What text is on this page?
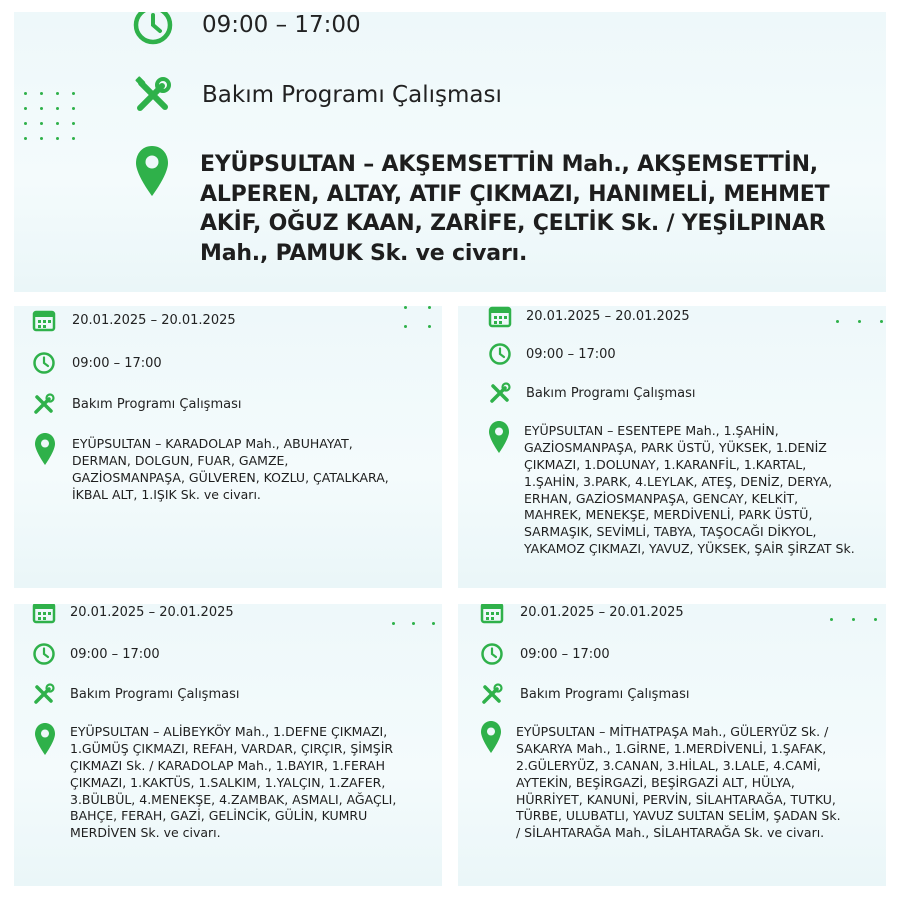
09:00 – 17:00
Bakım Programı Çalışması
EYÜPSULTAN – AKŞEMSETTİN Mah., AKŞEMSETTİN,
ALPEREN, ALTAY, ATIF ÇIKMAZI, HANIMELİ, MEHMET
AKİF, OĞUZ KAAN, ZARİFE, ÇELTİK Sk. / YEŞİLPINAR
Mah., PAMUK Sk. ve civarı.
20.01.2025 – 20.01.2025
09:00 – 17:00
Bakım Programı Çalışması
EYÜPSULTAN – KARADOLAP Mah., ABUHAYAT,
DERMAN, DOLGUN, FUAR, GAMZE,
GAZİOSMANPAŞA, GÜLVEREN, KOZLU, ÇATALKARA,
İKBAL ALT, 1.IŞIK Sk. ve civarı.
20.01.2025 – 20.01.2025
09:00 – 17:00
Bakım Programı Çalışması
EYÜPSULTAN – ESENTEPE Mah., 1.ŞAHİN,
GAZİOSMANPAŞA, PARK ÜSTÜ, YÜKSEK, 1.DENİZ
ÇIKMAZI, 1.DOLUNAY, 1.KARANFİL, 1.KARTAL,
1.ŞAHİN, 3.PARK, 4.LEYLAK, ATEŞ, DENİZ, DERYA,
ERHAN, GAZİOSMANPAŞA, GENCAY, KELKİT,
MAHREK, MENEKŞE, MERDİVENLİ, PARK ÜSTÜ,
SARMAŞIK, SEVİMLİ, TABYA, TAŞOCAĞI DİKYOL,
YAKAMOZ ÇIKMAZI, YAVUZ, YÜKSEK, ŞAİR ŞİRZAT Sk.
20.01.2025 – 20.01.2025
09:00 – 17:00
Bakım Programı Çalışması
EYÜPSULTAN – ALİBEYKÖY Mah., 1.DEFNE ÇIKMAZI,
1.GÜMÜŞ ÇIKMAZI, REFAH, VARDAR, ÇIRÇIR, ŞİMŞİR
ÇIKMAZI Sk. / KARADOLAP Mah., 1.BAYIR, 1.FERAH
ÇIKMAZI, 1.KAKTÜS, 1.SALKIM, 1.YALÇIN, 1.ZAFER,
3.BÜLBÜL, 4.MENEKŞE, 4.ZAMBAK, ASMALI, AĞAÇLI,
BAHÇE, FERAH, GAZİ, GELİNCİK, GÜLİN, KUMRU
MERDİVEN Sk. ve civarı.
20.01.2025 – 20.01.2025
09:00 – 17:00
Bakım Programı Çalışması
EYÜPSULTAN – MİTHATPAŞA Mah., GÜLERYÜZ Sk. /
SAKARYA Mah., 1.GİRNE, 1.MERDİVENLİ, 1.ŞAFAK,
2.GÜLERYÜZ, 3.CANAN, 3.HİLAL, 3.LALE, 4.CAMİ,
AYTEKİN, BEŞİRGAZİ, BEŞİRGAZİ ALT, HÜLYA,
HÜRRİYET, KANUNİ, PERVİN, SİLAHTARAĞA, TUTKU,
TÜRBE, ULUBATLI, YAVUZ SULTAN SELİM, ŞADAN Sk.
/ SİLAHTARAĞA Mah., SİLAHTARAĞA Sk. ve civarı.
